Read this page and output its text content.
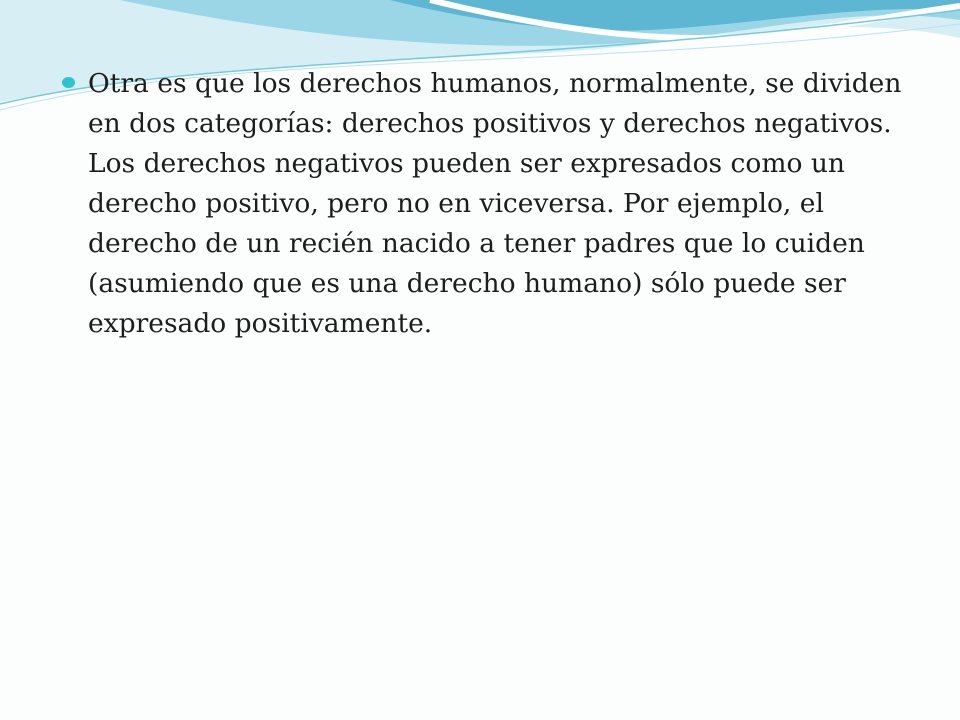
Otra es que los derechos humanos, normalmente, se dividen en dos categorías: derechos positivos y derechos negativos. Los derechos negativos pueden ser expresados como un derecho positivo, pero no en viceversa. Por ejemplo, el derecho de un recién nacido a tener padres que lo cuiden (asumiendo que es una derecho humano) sólo puede ser expresado positivamente.
